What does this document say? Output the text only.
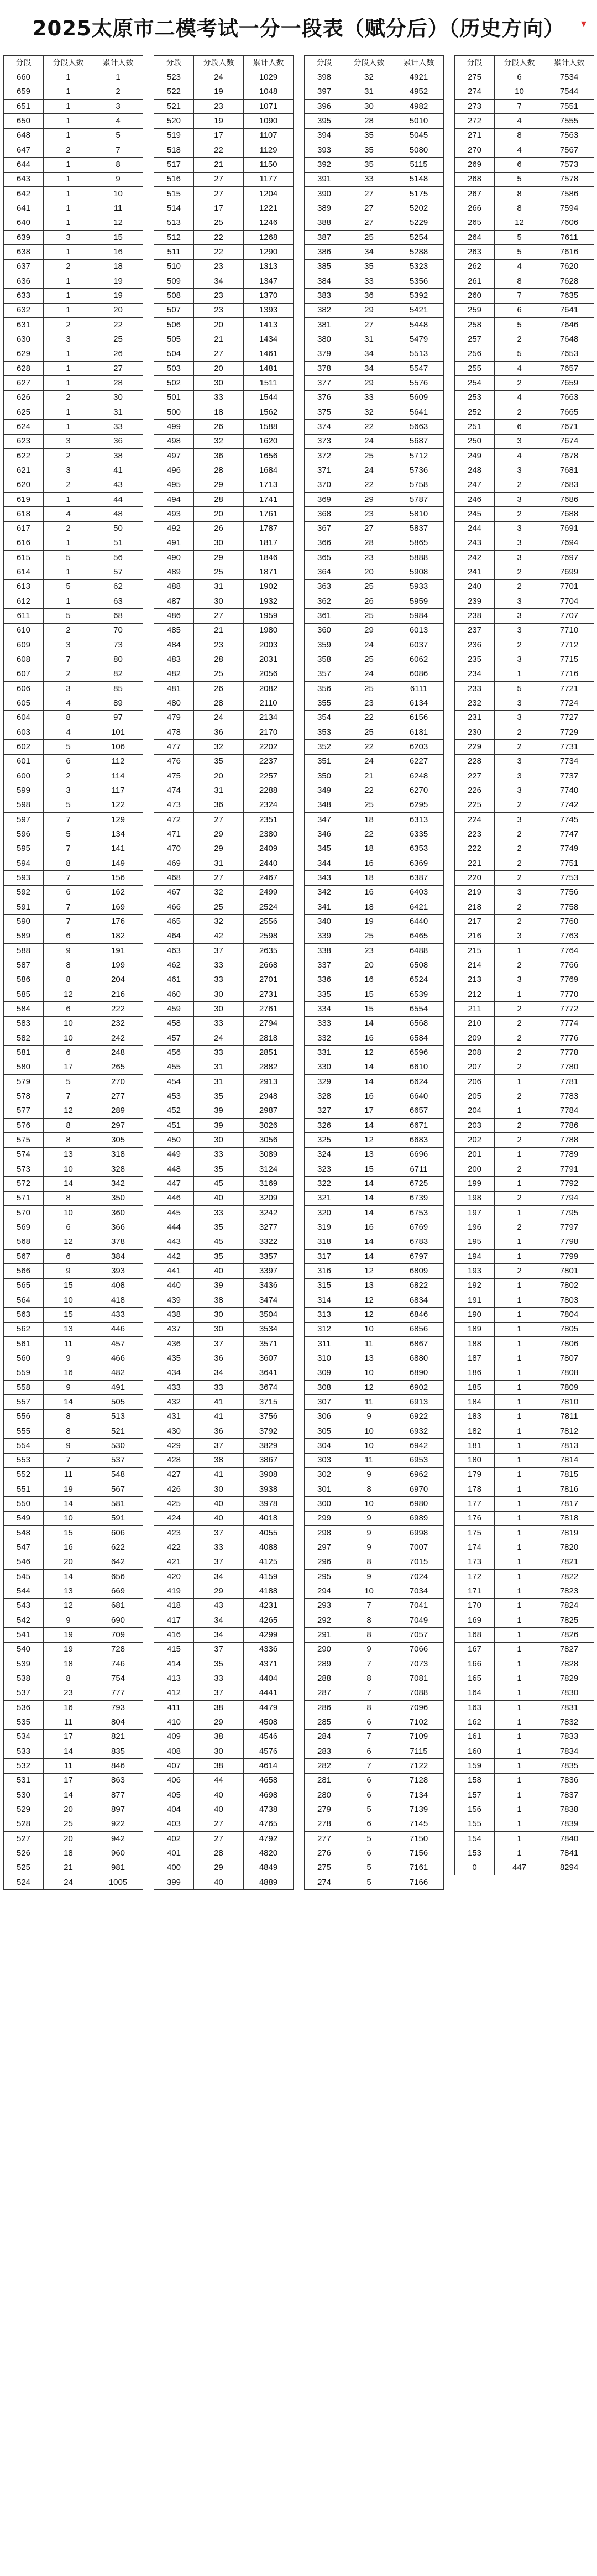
2025太原市二模考试一分一段表（赋分后）（历史方向） ▾
分段	分段人数	累计人数
660	1	1
659	1	2
651	1	3
650	1	4
648	1	5
647	2	7
644	1	8
643	1	9
642	1	10
641	1	11
640	1	12
639	3	15
638	1	16
637	2	18
636	1	19
633	1	19
632	1	20
631	2	22
630	3	25
629	1	26
628	1	27
627	1	28
626	2	30
625	1	31
624	1	33
623	3	36
622	2	38
621	3	41
620	2	43
619	1	44
618	4	48
617	2	50
616	1	51
615	5	56
614	1	57
613	5	62
612	1	63
611	5	68
610	2	70
609	3	73
608	7	80
607	2	82
606	3	85
605	4	89
604	8	97
603	4	101
602	5	106
601	6	112
600	2	114
599	3	117
598	5	122
597	7	129
596	5	134
595	7	141
594	8	149
593	7	156
592	6	162
591	7	169
590	7	176
589	6	182
588	9	191
587	8	199
586	8	204
585	12	216
584	6	222
583	10	232
582	10	242
581	6	248
580	17	265
579	5	270
578	7	277
577	12	289
576	8	297
575	8	305
574	13	318
573	10	328
572	14	342
571	8	350
570	10	360
569	6	366
568	12	378
567	6	384
566	9	393
565	15	408
564	10	418
563	15	433
562	13	446
561	11	457
560	9	466
559	16	482
558	9	491
557	14	505
556	8	513
555	8	521
554	9	530
553	7	537
552	11	548
551	19	567
550	14	581
549	10	591
548	15	606
547	16	622
546	20	642
545	14	656
544	13	669
543	12	681
542	9	690
541	19	709
540	19	728
539	18	746
538	8	754
537	23	777
536	16	793
535	11	804
534	17	821
533	14	835
532	11	846
531	17	863
530	14	877
529	20	897
528	25	922
527	20	942
526	18	960
525	21	981
524	24	1005
分段	分段人数	累计人数
523	24	1029
522	19	1048
521	23	1071
520	19	1090
519	17	1107
518	22	1129
517	21	1150
516	27	1177
515	27	1204
514	17	1221
513	25	1246
512	22	1268
511	22	1290
510	23	1313
509	34	1347
508	23	1370
507	23	1393
506	20	1413
505	21	1434
504	27	1461
503	20	1481
502	30	1511
501	33	1544
500	18	1562
499	26	1588
498	32	1620
497	36	1656
496	28	1684
495	29	1713
494	28	1741
493	20	1761
492	26	1787
491	30	1817
490	29	1846
489	25	1871
488	31	1902
487	30	1932
486	27	1959
485	21	1980
484	23	2003
483	28	2031
482	25	2056
481	26	2082
480	28	2110
479	24	2134
478	36	2170
477	32	2202
476	35	2237
475	20	2257
474	31	2288
473	36	2324
472	27	2351
471	29	2380
470	29	2409
469	31	2440
468	27	2467
467	32	2499
466	25	2524
465	32	2556
464	42	2598
463	37	2635
462	33	2668
461	33	2701
460	30	2731
459	30	2761
458	33	2794
457	24	2818
456	33	2851
455	31	2882
454	31	2913
453	35	2948
452	39	2987
451	39	3026
450	30	3056
449	33	3089
448	35	3124
447	45	3169
446	40	3209
445	33	3242
444	35	3277
443	45	3322
442	35	3357
441	40	3397
440	39	3436
439	38	3474
438	30	3504
437	30	3534
436	37	3571
435	36	3607
434	34	3641
433	33	3674
432	41	3715
431	41	3756
430	36	3792
429	37	3829
428	38	3867
427	41	3908
426	30	3938
425	40	3978
424	40	4018
423	37	4055
422	33	4088
421	37	4125
420	34	4159
419	29	4188
418	43	4231
417	34	4265
416	34	4299
415	37	4336
414	35	4371
413	33	4404
412	37	4441
411	38	4479
410	29	4508
409	38	4546
408	30	4576
407	38	4614
406	44	4658
405	40	4698
404	40	4738
403	27	4765
402	27	4792
401	28	4820
400	29	4849
399	40	4889
分段	分段人数	累计人数
398	32	4921
397	31	4952
396	30	4982
395	28	5010
394	35	5045
393	35	5080
392	35	5115
391	33	5148
390	27	5175
389	27	5202
388	27	5229
387	25	5254
386	34	5288
385	35	5323
384	33	5356
383	36	5392
382	29	5421
381	27	5448
380	31	5479
379	34	5513
378	34	5547
377	29	5576
376	33	5609
375	32	5641
374	22	5663
373	24	5687
372	25	5712
371	24	5736
370	22	5758
369	29	5787
368	23	5810
367	27	5837
366	28	5865
365	23	5888
364	20	5908
363	25	5933
362	26	5959
361	25	5984
360	29	6013
359	24	6037
358	25	6062
357	24	6086
356	25	6111
355	23	6134
354	22	6156
353	25	6181
352	22	6203
351	24	6227
350	21	6248
349	22	6270
348	25	6295
347	18	6313
346	22	6335
345	18	6353
344	16	6369
343	18	6387
342	16	6403
341	18	6421
340	19	6440
339	25	6465
338	23	6488
337	20	6508
336	16	6524
335	15	6539
334	15	6554
333	14	6568
332	16	6584
331	12	6596
330	14	6610
329	14	6624
328	16	6640
327	17	6657
326	14	6671
325	12	6683
324	13	6696
323	15	6711
322	14	6725
321	14	6739
320	14	6753
319	16	6769
318	14	6783
317	14	6797
316	12	6809
315	13	6822
314	12	6834
313	12	6846
312	10	6856
311	11	6867
310	13	6880
309	10	6890
308	12	6902
307	11	6913
306	9	6922
305	10	6932
304	10	6942
303	11	6953
302	9	6962
301	8	6970
300	10	6980
299	9	6989
298	9	6998
297	9	7007
296	8	7015
295	9	7024
294	10	7034
293	7	7041
292	8	7049
291	8	7057
290	9	7066
289	7	7073
288	8	7081
287	7	7088
286	8	7096
285	6	7102
284	7	7109
283	6	7115
282	7	7122
281	6	7128
280	6	7134
279	5	7139
278	6	7145
277	5	7150
276	6	7156
275	5	7161
274	5	7166
分段	分段人数	累计人数
275	6	7534
274	10	7544
273	7	7551
272	4	7555
271	8	7563
270	4	7567
269	6	7573
268	5	7578
267	8	7586
266	8	7594
265	12	7606
264	5	7611
263	5	7616
262	4	7620
261	8	7628
260	7	7635
259	6	7641
258	5	7646
257	2	7648
256	5	7653
255	4	7657
254	2	7659
253	4	7663
252	2	7665
251	6	7671
250	3	7674
249	4	7678
248	3	7681
247	2	7683
246	3	7686
245	2	7688
244	3	7691
243	3	7694
242	3	7697
241	2	7699
240	2	7701
239	3	7704
238	3	7707
237	3	7710
236	2	7712
235	3	7715
234	1	7716
233	5	7721
232	3	7724
231	3	7727
230	2	7729
229	2	7731
228	3	7734
227	3	7737
226	3	7740
225	2	7742
224	3	7745
223	2	7747
222	2	7749
221	2	7751
220	2	7753
219	3	7756
218	2	7758
217	2	7760
216	3	7763
215	1	7764
214	2	7766
213	3	7769
212	1	7770
211	2	7772
210	2	7774
209	2	7776
208	2	7778
207	2	7780
206	1	7781
205	2	7783
204	1	7784
203	2	7786
202	2	7788
201	1	7789
200	2	7791
199	1	7792
198	2	7794
197	1	7795
196	2	7797
195	1	7798
194	1	7799
193	2	7801
192	1	7802
191	1	7803
190	1	7804
189	1	7805
188	1	7806
187	1	7807
186	1	7808
185	1	7809
184	1	7810
183	1	7811
182	1	7812
181	1	7813
180	1	7814
179	1	7815
178	1	7816
177	1	7817
176	1	7818
175	1	7819
174	1	7820
173	1	7821
172	1	7822
171	1	7823
170	1	7824
169	1	7825
168	1	7826
167	1	7827
166	1	7828
165	1	7829
164	1	7830
163	1	7831
162	1	7832
161	1	7833
160	1	7834
159	1	7835
158	1	7836
157	1	7837
156	1	7838
155	1	7839
154	1	7840
153	1	7841
0	447	8294
